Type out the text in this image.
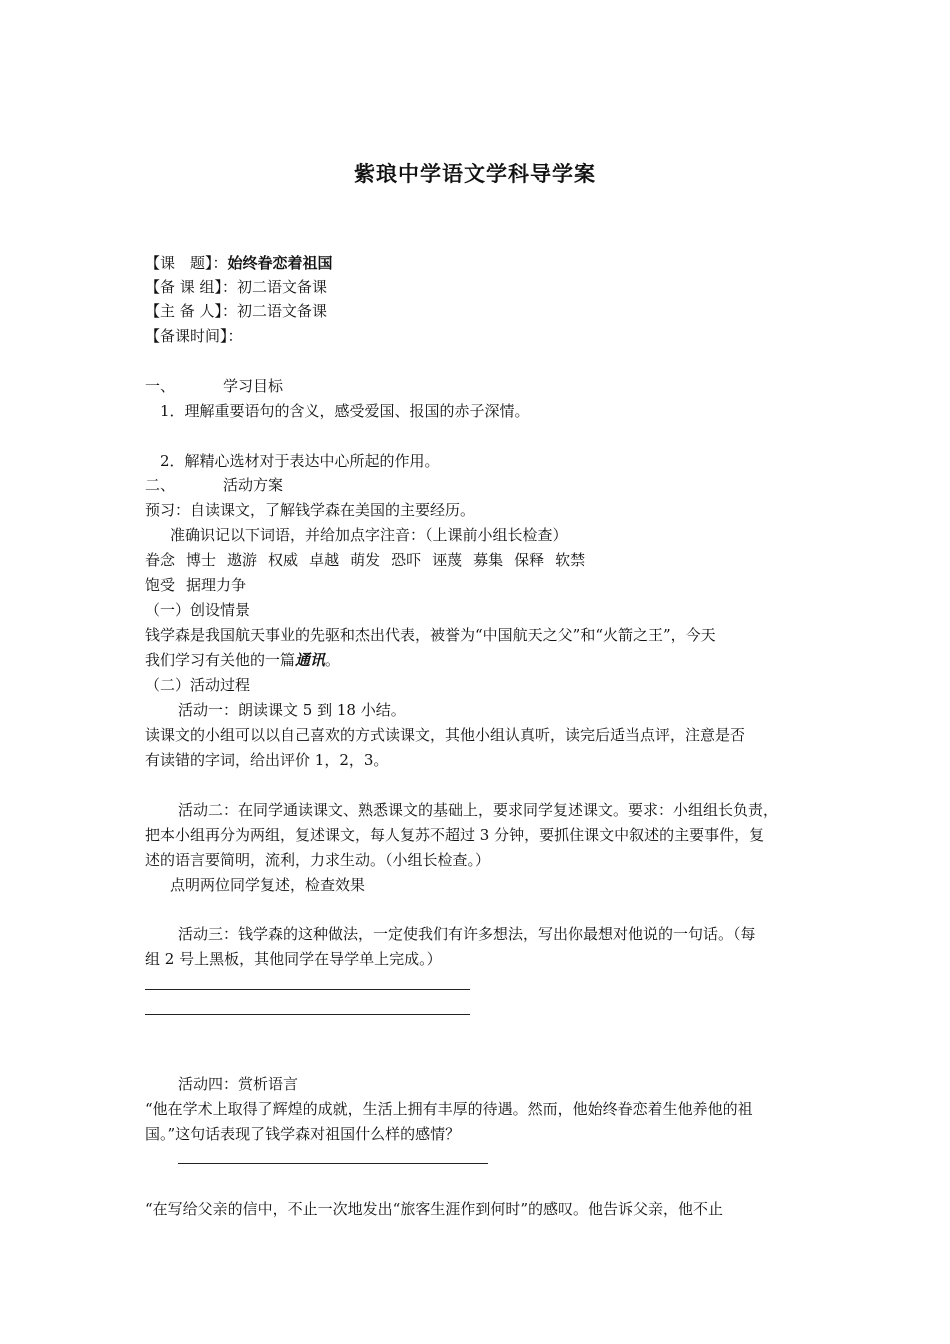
紫琅中学语文学科导学案
【课　题】：始终眷恋着祖国
【备 课 组】：初二语文备课
【主 备 人】：初二语文备课
【备课时间】：
一、	学习目标
1．理解重要语句的含义，感受爱国、报国的赤子深情。
2．解精心选材对于表达中心所起的作用。
二、	活动方案
预习：自读课文，了解钱学森在美国的主要经历。
准确识记以下词语，并给加点字注音：（上课前小组长检查）
眷念 博士 遨游 权威 卓越 萌发 恐吓 诬蔑 募集 保释 软禁
饱受 据理力争
（一）创设情景
钱学森是我国航天事业的先驱和杰出代表，被誉为“中国航天之父”和“火箭之王”，今天
我们学习有关他的一篇通讯。
（二）活动过程
活动一：朗读课文 5 到 18 小结。
读课文的小组可以以自己喜欢的方式读课文，其他小组认真听，读完后适当点评，注意是否
有读错的字词，给出评价 1，2，3。
活动二：在同学通读课文、熟悉课文的基础上，要求同学复述课文。要求：小组组长负责，
把本小组再分为两组，复述课文，每人复苏不超过 3 分钟，要抓住课文中叙述的主要事件，复
述的语言要简明，流利，力求生动。（小组长检查。）
点明两位同学复述，检查效果
活动三：钱学森的这种做法，一定使我们有许多想法，写出你最想对他说的一句话。（每
组 2 号上黑板，其他同学在导学单上完成。）
活动四：赏析语言
“他在学术上取得了辉煌的成就，生活上拥有丰厚的待遇。然而，他始终眷恋着生他养他的祖
国。”这句话表现了钱学森对祖国什么样的感情？
“在写给父亲的信中，不止一次地发出“旅客生涯作到何时”的感叹。他告诉父亲，他不止
